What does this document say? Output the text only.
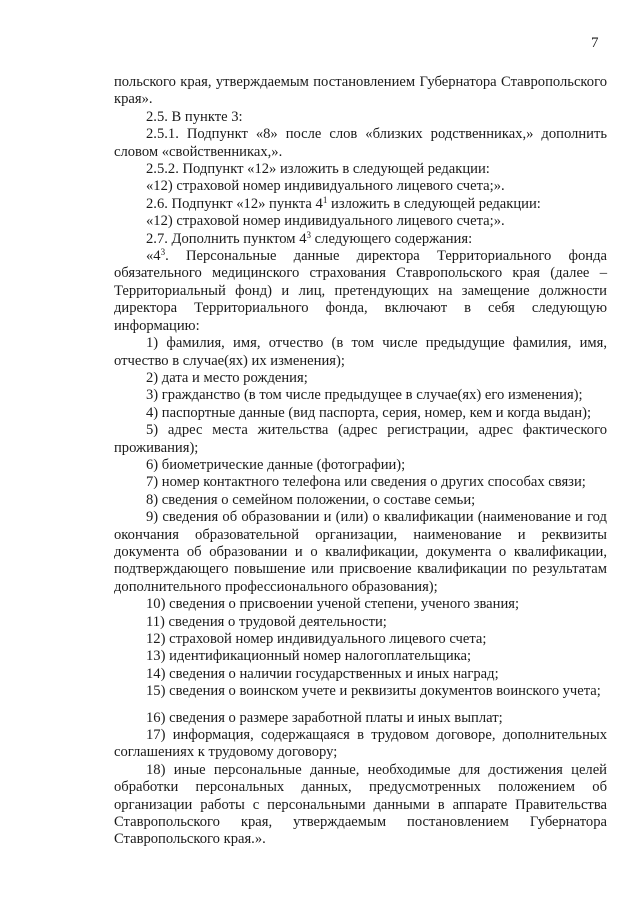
7

польского края, утверждаемым постановлением Губернатора Ставропольского края».

2.5. В пункте 3:

2.5.1. Подпункт «8» после слов «близких родственниках,» дополнить словом «свойственниках,».

2.5.2. Подпункт «12» изложить в следующей редакции:

«12) страховой номер индивидуального лицевого счета;».

2.6. Подпункт «12» пункта $4^1$ изложить в следующей редакции:

«12) страховой номер индивидуального лицевого счета;».

2.7. Дополнить пунктом $4^3$ следующего содержания:

«$4^3$. Персональные данные директора Территориального фонда обязательного медицинского страхования Ставропольского края (далее – Территориальный фонд) и лиц, претендующих на замещение должности директора Территориального фонда, включают в себя следующую информацию:

1) фамилия, имя, отчество (в том числе предыдущие фамилия, имя, отчество в случае(ях) их изменения);

2) дата и место рождения;

3) гражданство (в том числе предыдущее в случае(ях) его изменения);

4) паспортные данные (вид паспорта, серия, номер, кем и когда выдан);

5) адрес места жительства (адрес регистрации, адрес фактического проживания);

6) биометрические данные (фотографии);

7) номер контактного телефона или сведения о других способах связи;

8) сведения о семейном положении, о составе семьи;

9) сведения об образовании и (или) о квалификации (наименование и год окончания образовательной организации, наименование и реквизиты документа об образовании и о квалификации, документа о квалификации, подтверждающего повышение или присвоение квалификации по результатам дополнительного профессионального образования);

10) сведения о присвоении ученой степени, ученого звания;

11) сведения о трудовой деятельности;

12) страховой номер индивидуального лицевого счета;

13) идентификационный номер налогоплательщика;

14) сведения о наличии государственных и иных наград;

15) сведения о воинском учете и реквизиты документов воинского учета;

16) сведения о размере заработной платы и иных выплат;

17) информация, содержащаяся в трудовом договоре, дополнительных соглашениях к трудовому договору;

18) иные персональные данные, необходимые для достижения целей обработки персональных данных, предусмотренных положением об организации работы с персональными данными в аппарате Правительства Ставропольского края, утверждаемым постановлением Губернатора Ставропольского края.».
